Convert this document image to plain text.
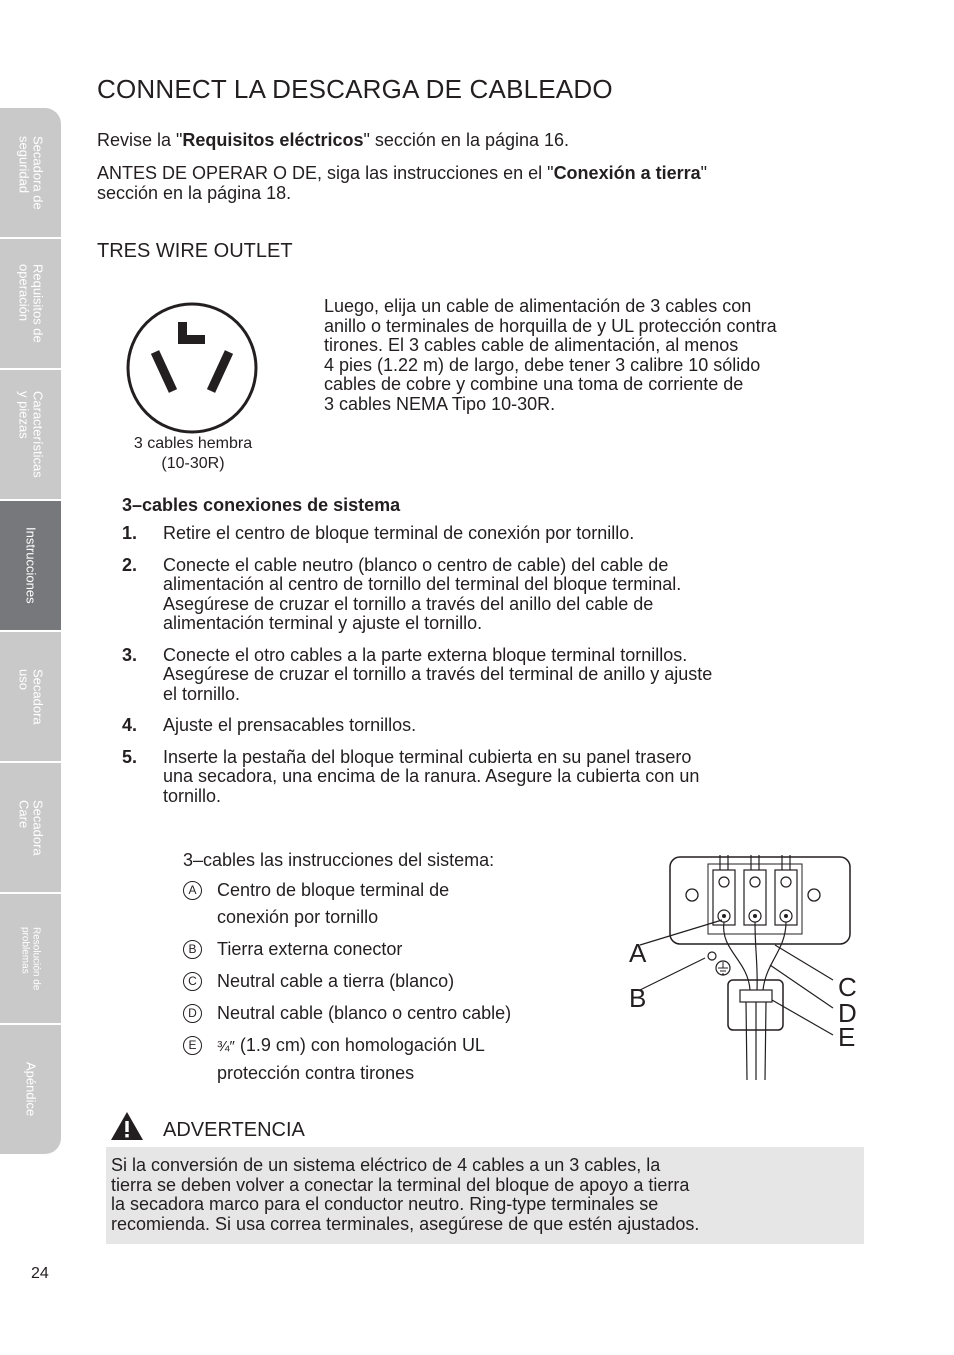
Secadora de
seguridad
Requisitos de
operación
Características
y piezas
Instrucciones
Secadora
uso
Secadora
Care
Resolución de
problemas
Apéndice
CONNECT LA DESCARGA DE CABLEADO

Revise la "Requisitos eléctricos" sección en la página 16.

ANTES DE OPERAR O DE, siga las instrucciones en el "Conexión a tierra"
sección en la página 18.

TRES WIRE OUTLET
3 cables hembra
(10-30R)
Luego, elija un cable de alimentación de 3 cables con
anillo o terminales de horquilla de y UL protección contra
tirones. El 3 cables cable de alimentación, al menos
4 pies (1.22 m) de largo, debe tener 3 calibre 10 sólido
cables de cobre y combine una toma de corriente de
3 cables NEMA Tipo 10-30R.
3–cables conexiones de sistema
1.	Retire el centro de bloque terminal de conexión por tornillo.
2.	Conecte el cable neutro (blanco o centro de cable) del cable de
alimentación al centro de tornillo del terminal del bloque terminal.
Asegúrese de cruzar el tornillo a través del anillo del cable de
alimentación terminal y ajuste el tornillo.
3.	Conecte el otro cables a la parte externa bloque terminal tornillos.
Asegúrese de cruzar el tornillo a través del terminal de anillo y ajuste
el tornillo.
4.	Ajuste el prensacables tornillos.
5.	Inserte la pestaña del bloque terminal cubierta en su panel trasero
una secadora, una encima de la ranura. Asegure la cubierta con un
tornillo.
3–cables las instrucciones del sistema:
A	Centro de bloque terminal de
conexión por tornillo
B	Tierra externa conector
C Neutral cable a tierra (blanco)
D Neutral cable (blanco o centro cable)
E	¾″ (1.9 cm) con homologación UL
protección contra tirones
A
B	C
D
E
ADVERTENCIA
Si la conversión de un sistema eléctrico de 4 cables a un 3 cables, la
tierra se deben volver a conectar la terminal del bloque de apoyo a tierra
la secadora marco para el conductor neutro. Ring-type terminales se
recomienda. Si usa correa terminales, asegúrese de que estén ajustados.
24
